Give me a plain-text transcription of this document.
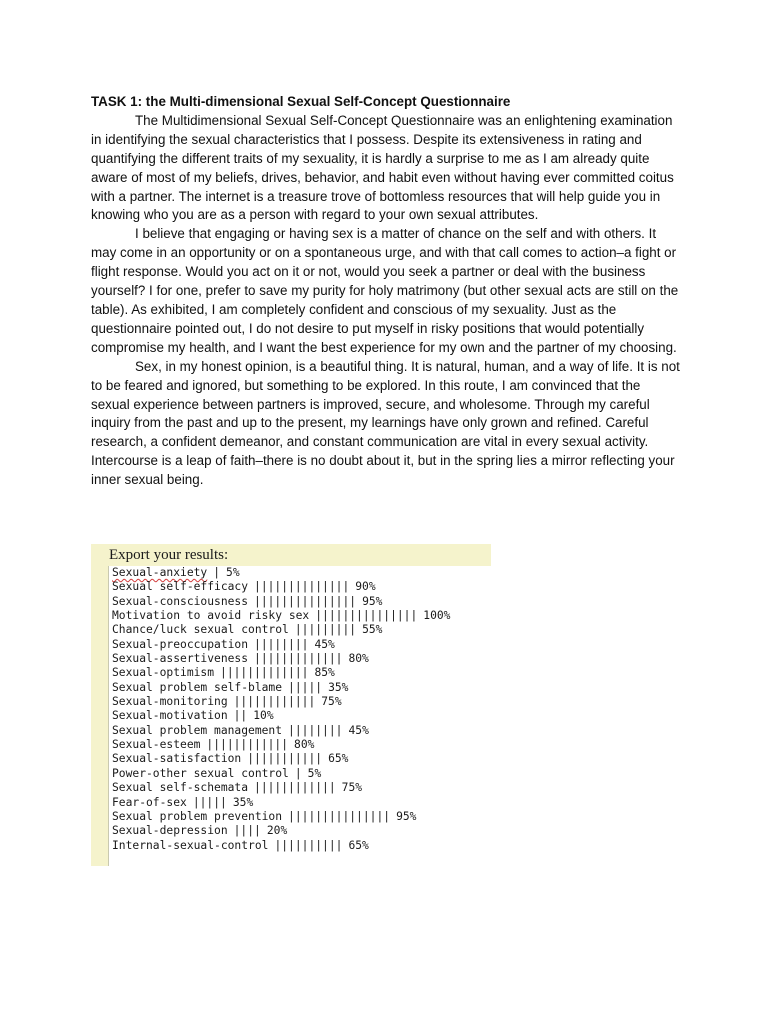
TASK 1: the Multi-dimensional Sexual Self-Concept Questionnaire

The Multidimensional Sexual Self-Concept Questionnaire was an enlightening examination in identifying the sexual characteristics that I possess. Despite its extensiveness in rating and quantifying the different traits of my sexuality, it is hardly a surprise to me as I am already quite aware of most of my beliefs, drives, behavior, and habit even without having ever committed coitus with a partner. The internet is a treasure trove of bottomless resources that will help guide you in knowing who you are as a person with regard to your own sexual attributes.

I believe that engaging or having sex is a matter of chance on the self and with others. It may come in an opportunity or on a spontaneous urge, and with that call comes to action–a fight or flight response. Would you act on it or not, would you seek a partner or deal with the business yourself? I for one, prefer to save my purity for holy matrimony (but other sexual acts are still on the table). As exhibited, I am completely confident and conscious of my sexuality. Just as the questionnaire pointed out, I do not desire to put myself in risky positions that would potentially compromise my health, and I want the best experience for my own and the partner of my choosing.

Sex, in my honest opinion, is a beautiful thing. It is natural, human, and a way of life. It is not to be feared and ignored, but something to be explored. In this route, I am convinced that the sexual experience between partners is improved, secure, and wholesome. Through my careful inquiry from the past and up to the present, my learnings have only grown and refined. Careful research, a confident demeanor, and constant communication are vital in every sexual activity. Intercourse is a leap of faith–there is no doubt about it, but in the spring lies a mirror reflecting your inner sexual being.

Export your results:
Sexual-anxiety | 5%
Sexual self-efficacy |||||||||||||| 90%
Sexual-consciousness ||||||||||||||| 95%
Motivation to avoid risky sex ||||||||||||||| 100%
Chance/luck sexual control ||||||||| 55%
Sexual-preoccupation |||||||| 45%
Sexual-assertiveness ||||||||||||| 80%
Sexual-optimism ||||||||||||| 85%
Sexual problem self-blame ||||| 35%
Sexual-monitoring |||||||||||| 75%
Sexual-motivation || 10%
Sexual problem management |||||||| 45%
Sexual-esteem |||||||||||| 80%
Sexual-satisfaction ||||||||||| 65%
Power-other sexual control | 5%
Sexual self-schemata |||||||||||| 75%
Fear-of-sex ||||| 35%
Sexual problem prevention ||||||||||||||| 95%
Sexual-depression |||| 20%
Internal-sexual-control |||||||||| 65%
